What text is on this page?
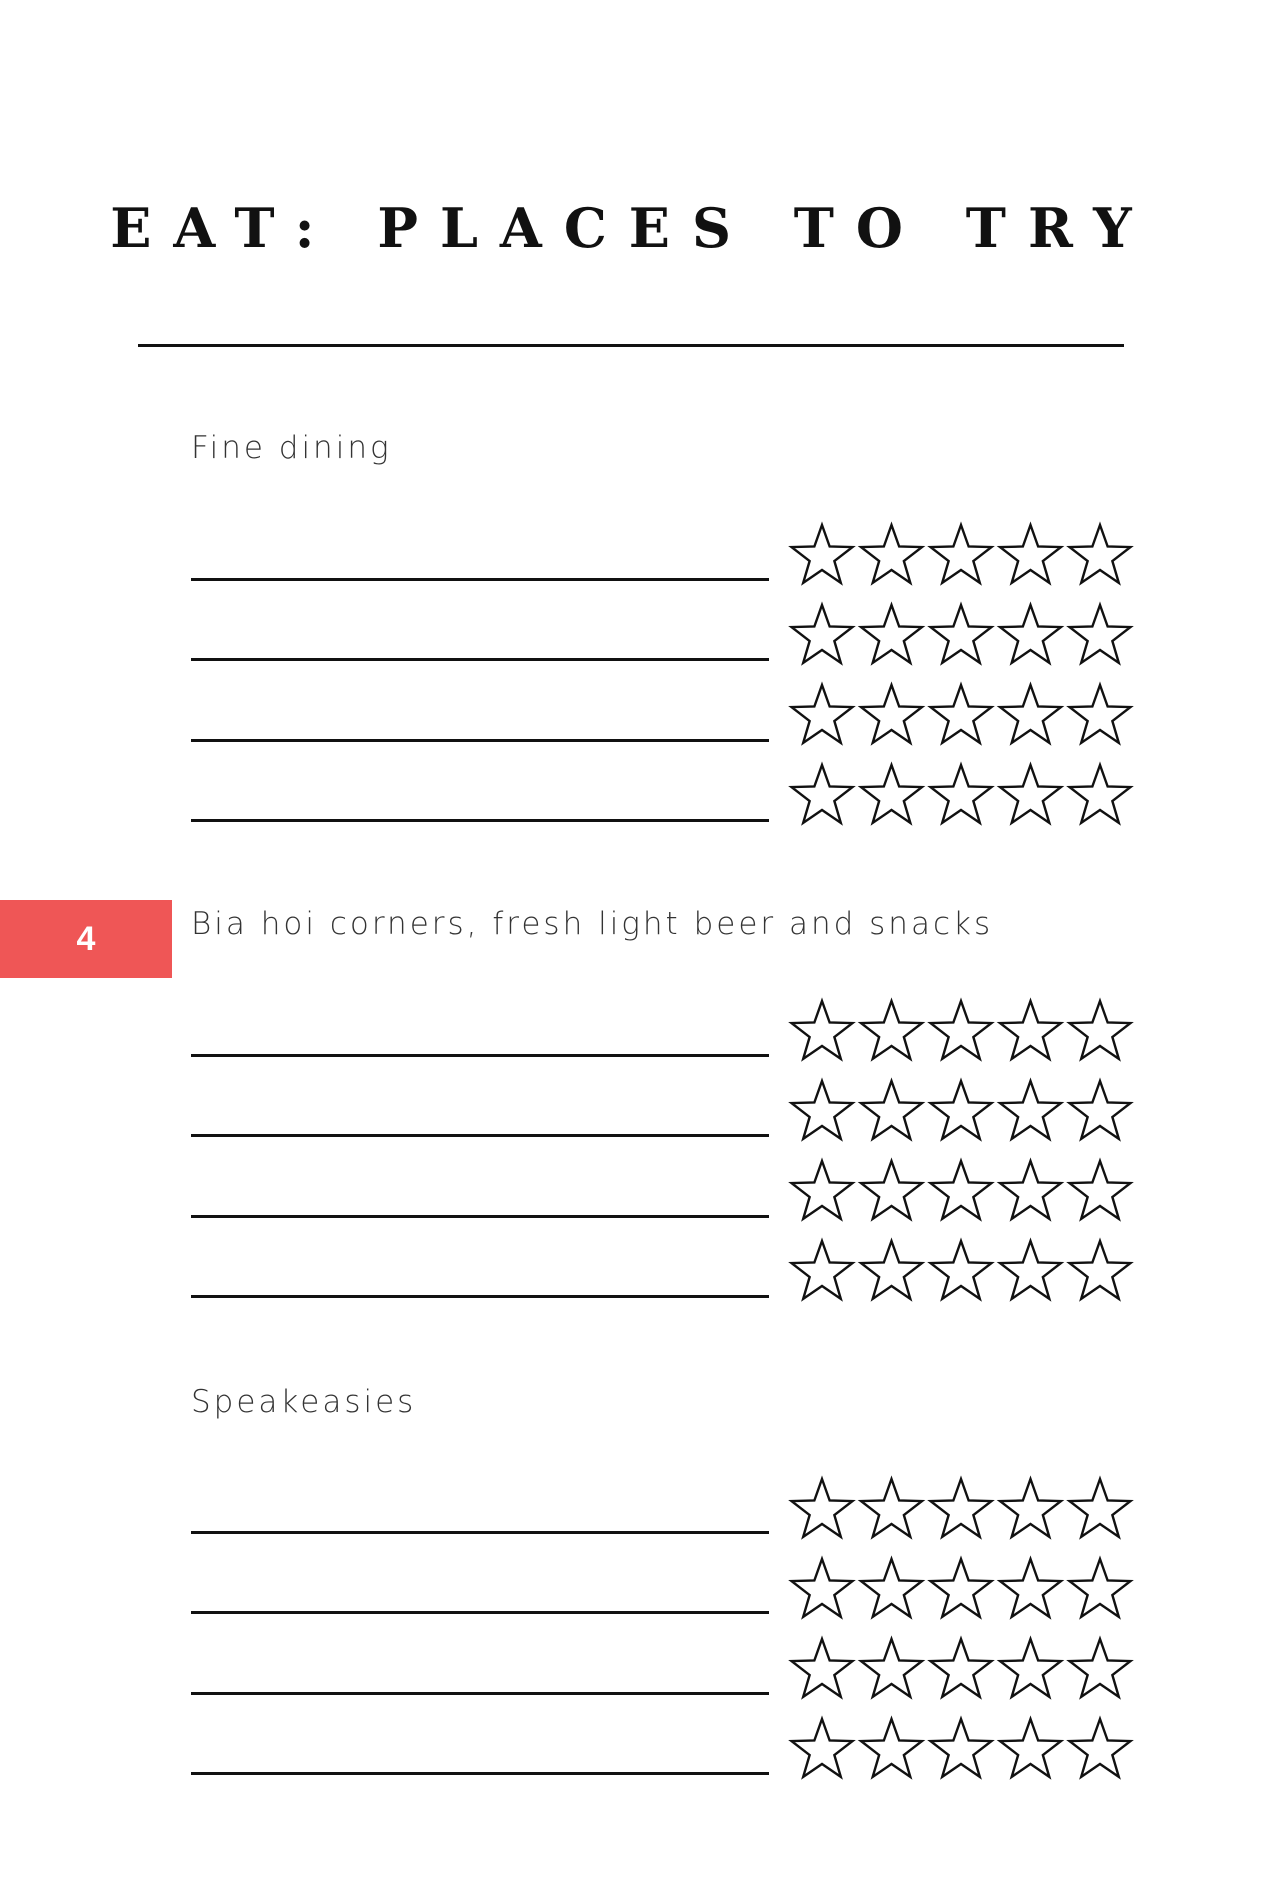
EAT: PLACES TO TRY
Fine dining
4	Bia hoi corners, fresh light beer and snacks
Speakeasies
